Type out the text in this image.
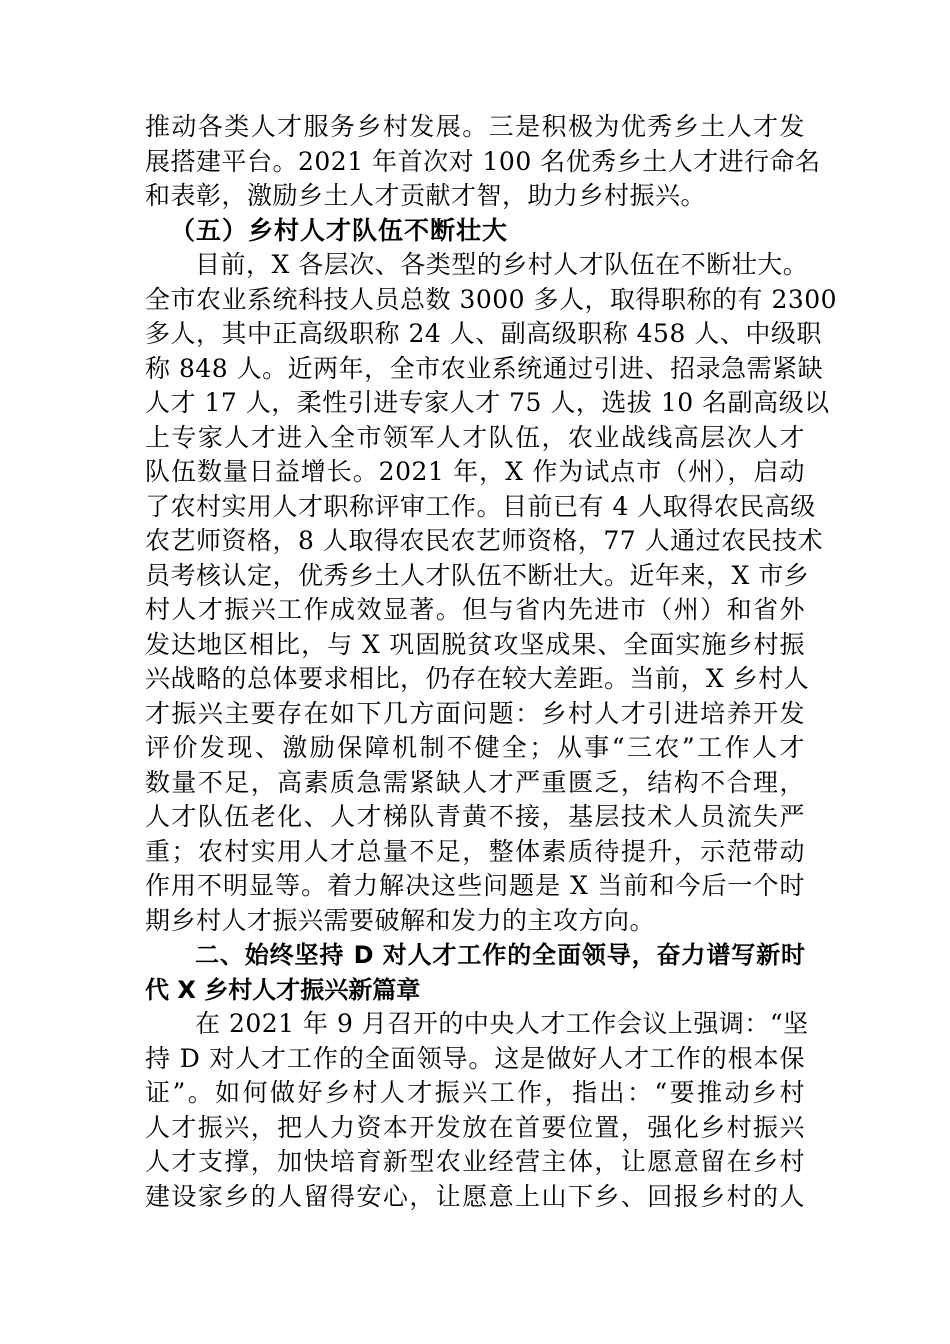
推动各类人才服务乡村发展。三是积极为优秀乡土人才发
展搭建平台。2021 年首次对 100 名优秀乡土人才进行命名
和表彰，激励乡土人才贡献才智，助力乡村振兴。
（五）乡村人才队伍不断壮大
目前，X 各层次、各类型的乡村人才队伍在不断壮大。
全市农业系统科技人员总数 3000 多人，取得职称的有 2300
多人，其中正高级职称 24 人、副高级职称 458 人、中级职
称 848 人。近两年，全市农业系统通过引进、招录急需紧缺
人才 17 人，柔性引进专家人才 75 人，选拔 10 名副高级以
上专家人才进入全市领军人才队伍，农业战线高层次人才
队伍数量日益增长。2021 年，X 作为试点市（州），启动
了农村实用人才职称评审工作。目前已有 4 人取得农民高级
农艺师资格，8 人取得农民农艺师资格，77 人通过农民技术
员考核认定，优秀乡土人才队伍不断壮大。近年来，X 市乡
村人才振兴工作成效显著。但与省内先进市（州）和省外
发达地区相比，与 X 巩固脱贫攻坚成果、全面实施乡村振
兴战略的总体要求相比，仍存在较大差距。当前，X 乡村人
才振兴主要存在如下几方面问题：乡村人才引进培养开发
评价发现、激励保障机制不健全；从事“三农”工作人才
数量不足，高素质急需紧缺人才严重匮乏，结构不合理，
人才队伍老化、人才梯队青黄不接，基层技术人员流失严
重；农村实用人才总量不足，整体素质待提升，示范带动
作用不明显等。着力解决这些问题是 X 当前和今后一个时
期乡村人才振兴需要破解和发力的主攻方向。
二、始终坚持 D 对人才工作的全面领导，奋力谱写新时
代 X 乡村人才振兴新篇章
在 2021 年 9 月召开的中央人才工作会议上强调：“坚
持 D 对人才工作的全面领导。这是做好人才工作的根本保
证”。如何做好乡村人才振兴工作，指出：“要推动乡村
人才振兴，把人力资本开发放在首要位置，强化乡村振兴
人才支撑，加快培育新型农业经营主体，让愿意留在乡村
建设家乡的人留得安心，让愿意上山下乡、回报乡村的人
